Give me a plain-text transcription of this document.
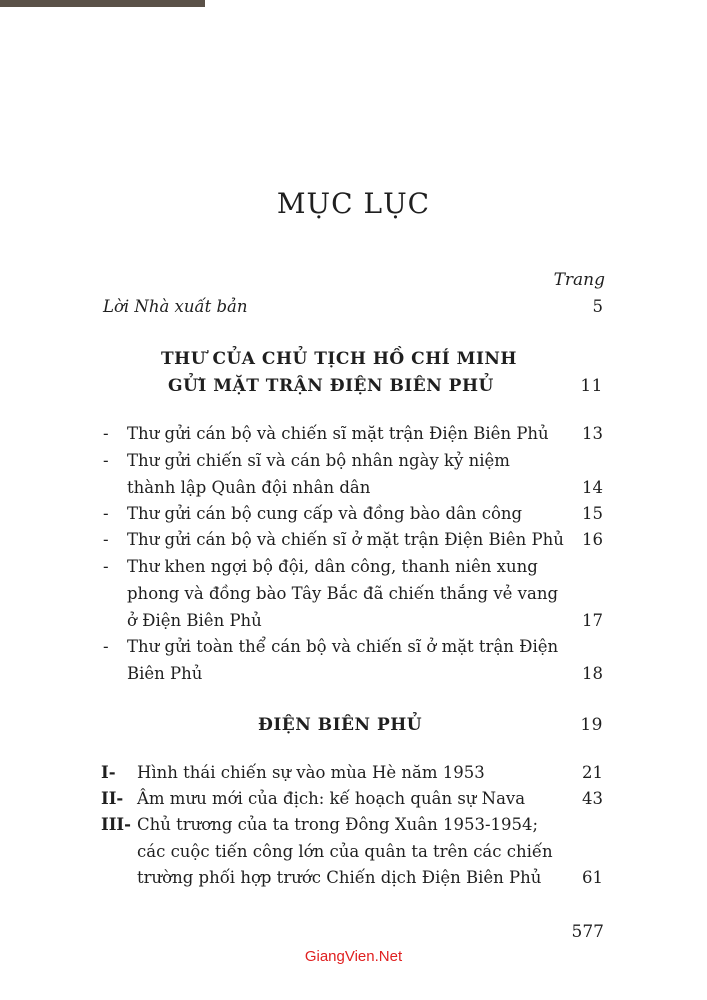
MỤC LỤC
Trang
Lời Nhà xuất bản	5
THƯ CỦA CHỦ TỊCH HỒ CHÍ MINH
GỬI MẶT TRẬN ĐIỆN BIÊN PHỦ	11
- Thư gửi cán bộ và chiến sĩ mặt trận Điện Biên Phủ 13
- Thư gửi chiến sĩ và cán bộ nhân ngày kỷ niệm
thành lập Quân đội nhân dân	14
- Thư gửi cán bộ cung cấp và đồng bào dân công	15
- Thư gửi cán bộ và chiến sĩ ở mặt trận Điện Biên Phủ 16
- Thư khen ngợi bộ đội, dân công, thanh niên xung
phong và đồng bào Tây Bắc đã chiến thắng vẻ vang
ở Điện Biên Phủ	17
- Thư gửi toàn thể cán bộ và chiến sĩ ở mặt trận Điện
Biên Phủ	18
ĐIỆN BIÊN PHỦ	19
I- Hình thái chiến sự vào mùa Hè năm 1953	21
II- Âm mưu mới của địch: kế hoạch quân sự Nava	43
III- Chủ trương của ta trong Đông Xuân 1953-1954;
các cuộc tiến công lớn của quân ta trên các chiến
trường phối hợp trước Chiến dịch Điện Biên Phủ 61
577
GiangVien.Net
